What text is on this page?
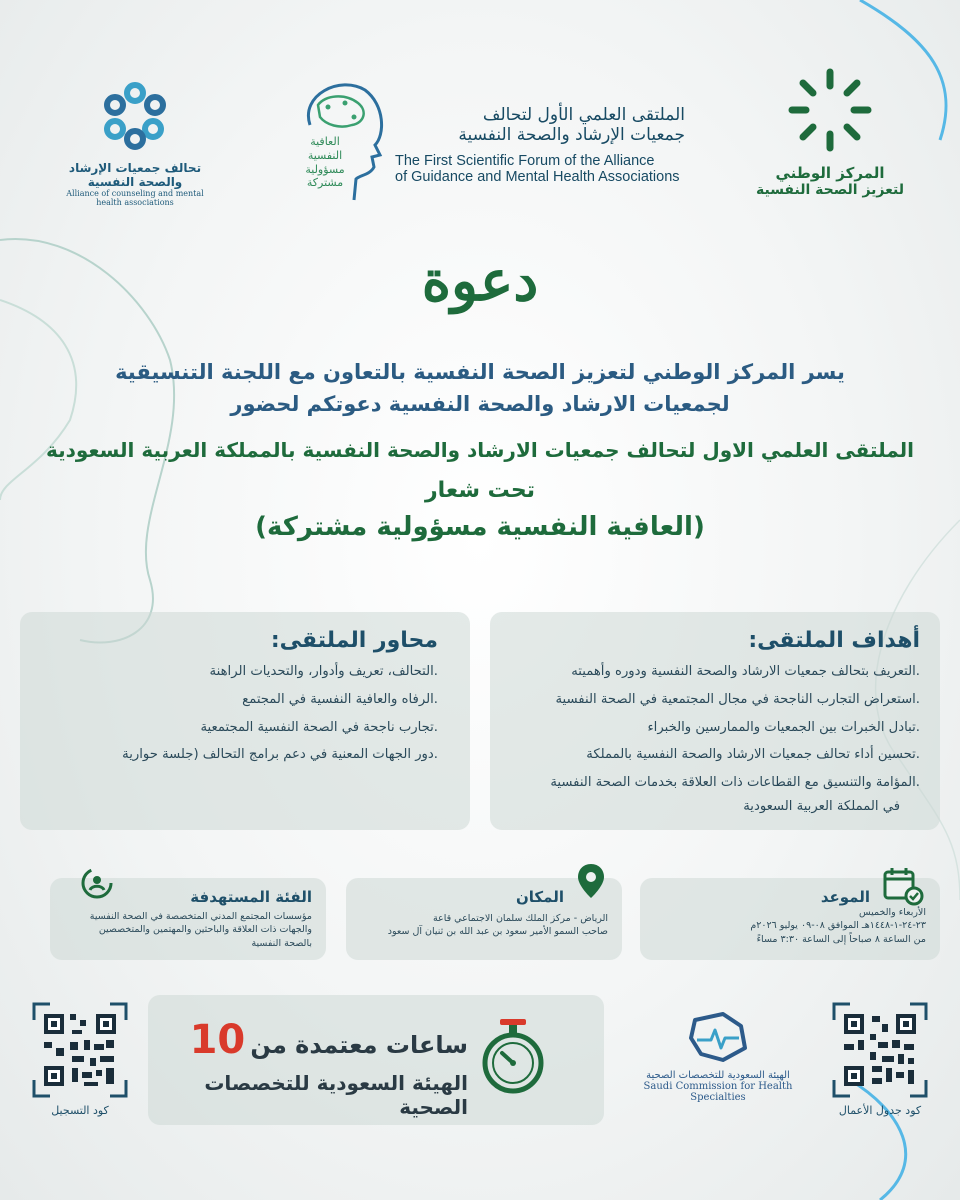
تحالف جمعيات الإرشاد والصحة النفسية
Alliance of counseling and mental health associations
العافية
النفسية
مسؤولية
مشتركة
الملتقى العلمي الأول لتحالف
جمعيات الإرشاد والصحة النفسية
The First Scientific Forum of the Alliance
of Guidance and Mental Health Associations	المركز الوطني
لتعزيز الصحة النفسية
دعوة
يسر المركز الوطني لتعزيز الصحة النفسية بالتعاون مع اللجنة التنسيقية
لجمعيات الارشاد والصحة النفسية دعوتكم لحضور
الملتقى العلمي الاول لتحالف جمعيات الارشاد والصحة النفسية بالمملكة العربية السعودية
تحت شعار
(العافية النفسية مسؤولية مشتركة)
أهداف الملتقى:
.التعريف بتحالف جمعيات الارشاد والصحة النفسية ودوره وأهميته
.استعراض التجارب الناجحة في مجال المجتمعية في الصحة النفسية
.تبادل الخبرات بين الجمعيات والممارسين والخبراء
.تحسين أداء تحالف جمعيات الارشاد والصحة النفسية بالمملكة
.المؤامة والتنسيق مع القطاعات ذات العلاقة بخدمات الصحة النفسية
في المملكة العربية السعودية
محاور الملتقى:
.التحالف، تعريف وأدوار، والتحديات الراهنة
.الرفاه والعافية النفسية في المجتمع
.تجارب ناجحة في الصحة النفسية المجتمعية
.دور الجهات المعنية في دعم برامج التحالف (جلسة حوارية
الموعد
الأربعاء والخميس
٢٣-٢٤-١-١٤٤٨هـ الموافق ٠٨-٠٩ يوليو ٢٠٢٦م
من الساعة ٨ صباحاً إلى الساعة ٣:٣٠ مساءً
المكان
الرياض - مركز الملك سلمان الاجتماعي قاعة
صاحب السمو الأمير سعود بن عبد الله بن ثنيان آل سعود
الفئة المستهدفة
مؤسسات المجتمع المدني المتخصصة في الصحة النفسية
والجهات ذات العلاقة والباحثين والمهتمين والمتخصصين
بالصحة النفسية
كود التسجيل
ساعات معتمدة من 10
الهيئة السعودية للتخصصات الصحية
الهيئة السعودية للتخصصات الصحية
Saudi Commission for Health Specialties
كود جدول الأعمال
